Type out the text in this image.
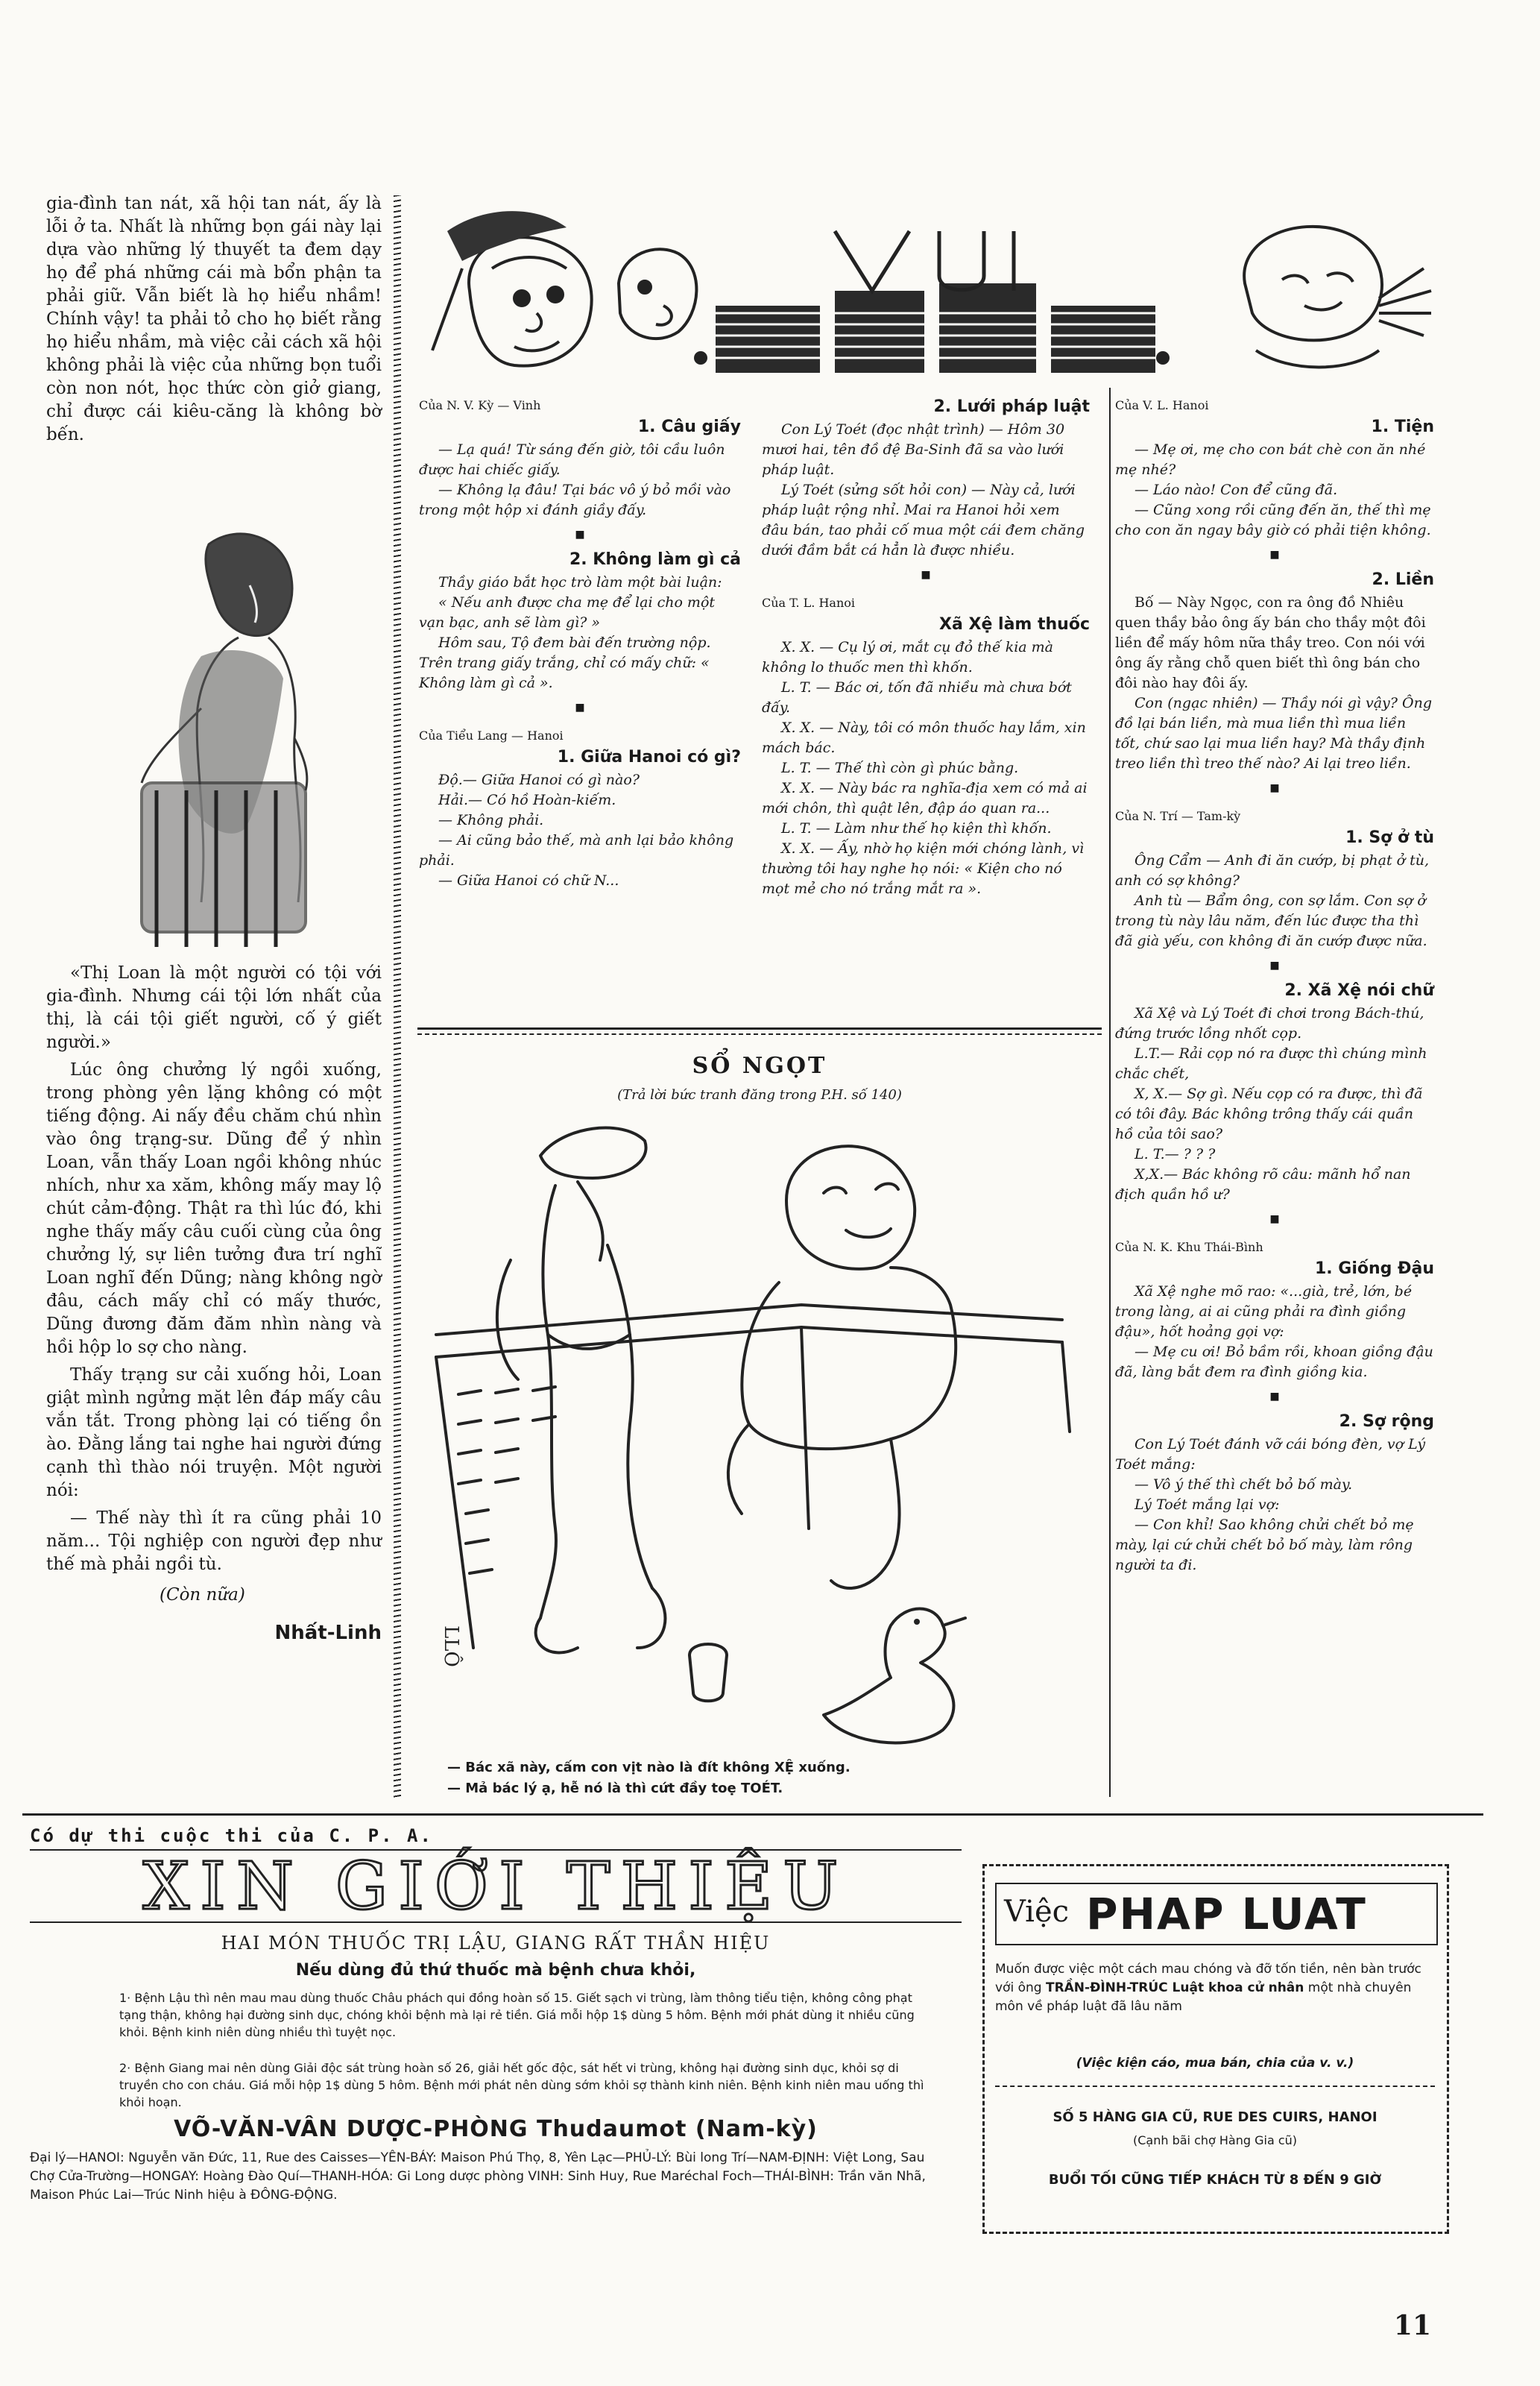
gia-đình tan nát, xã hội tan nát, ấy là lỗi ở ta. Nhất là những bọn gái này lại dựa vào những lý thuyết ta đem dạy họ để phá những cái mà bổn phận ta phải giữ. Vẫn biết là họ hiểu nhầm! Chính vậy! ta phải tỏ cho họ biết rằng họ hiểu nhầm, mà việc cải cách xã hội không phải là việc của những bọn tuổi còn non nót, học thức còn giở giang, chỉ được cái kiêu-căng là không bờ bến.

«Thị Loan là một người có tội với gia-đình. Nhưng cái tội lớn nhất của thị, là cái tội giết người, cố ý giết người.»

Lúc ông chưởng lý ngồi xuống, trong phòng yên lặng không có một tiếng động. Ai nấy đều chăm chú nhìn vào ông trạng-sư. Dũng để ý nhìn Loan, vẫn thấy Loan ngồi không nhúc nhích, như xa xăm, không mấy may lộ chút cảm-động. Thật ra thì lúc đó, khi nghe thấy mấy câu cuối cùng của ông chưởng lý, sự liên tưởng đưa trí nghĩ Loan nghĩ đến Dũng; nàng không ngờ đâu, cách mấy chỉ có mấy thước, Dũng đương đăm đăm nhìn nàng và hồi hộp lo sợ cho nàng.

Thấy trạng sư cải xuống hỏi, Loan giật mình ngửng mặt lên đáp mấy câu vắn tắt. Trong phòng lại có tiếng ồn ào. Đằng lắng tai nghe hai người đứng cạnh thì thào nói truyện. Một người nói:

— Thế này thì ít ra cũng phải 10 năm... Tội nghiệp con người đẹp như thế mà phải ngồi tù.

(Còn nữa)

Nhất-Linh

VUI CƯỜI
Của N. V. Kỳ — Vinh
1. Câu giấy
— Lạ quá! Từ sáng đến giờ, tôi cầu luôn được hai chiếc giấy.
— Không lạ đâu! Tại bác vô ý bỏ mồi vào trong một hộp xi đánh giầy đấy.
■
2. Không làm gì cả
Thầy giáo bắt học trò làm một bài luận:
« Nếu anh được cha mẹ để lại cho một vạn bạc, anh sẽ làm gì? »
Hôm sau, Tộ đem bài đến trường nộp. Trên trang giấy trắng, chỉ có mấy chữ: « Không làm gì cả ».
■
Của Tiểu Lang — Hanoi
1. Giữa Hanoi có gì?
Độ.— Giữa Hanoi có gì nào?
Hải.— Có hồ Hoàn-kiếm.
— Không phải.
— Ai cũng bảo thế, mà anh lại bảo không phải.
— Giữa Hanoi có chữ N...
2. Lưới pháp luật
Con Lý Toét (đọc nhật trình) — Hôm 30 mươi hai, tên đồ đệ Ba-Sinh đã sa vào lưới pháp luật.
Lý Toét (sửng sốt hỏi con) — Này cả, lưới pháp luật rộng nhỉ. Mai ra Hanoi hỏi xem đâu bán, tao phải cố mua một cái đem chăng dưới đầm bắt cá hẳn là được nhiều.
■
Của T. L. Hanoi
Xã Xệ làm thuốc
X. X. — Cụ lý ơi, mắt cụ đỏ thế kia mà không lo thuốc men thì khốn.
L. T. — Bác ơi, tốn đã nhiều mà chưa bớt đấy.
X. X. — Này, tôi có môn thuốc hay lắm, xin mách bác.
L. T. — Thế thì còn gì phúc bằng.
X. X. — Này bác ra nghĩa-địa xem có mả ai mới chôn, thì quật lên, đập áo quan ra...
L. T. — Làm như thế họ kiện thì khốn.
X. X. — Ấy, nhờ họ kiện mới chóng lành, vì thường tôi hay nghe họ nói: « Kiện cho nó mọt mẻ cho nó trắng mắt ra ».
SỔ NGỌT
(Trả lời bức tranh đăng trong P.H. số 140)
LLÔ
— Bác xã này, cấm con vịt nào là đít không XỆ xuống.
— Mả bác lý ạ, hễ nó là thì cứt đầy toẹ TOÉT.
Của V. L. Hanoi
1. Tiện
— Mẹ ơi, mẹ cho con bát chè con ăn nhé mẹ nhé?
— Láo nào! Con để cũng đã.
— Cũng xong rồi cũng đến ăn, thế thì mẹ cho con ăn ngay bây giờ có phải tiện không.
■
2. Liền
Bố — Này Ngọc, con ra ông đồ Nhiêu quen thầy bảo ông ấy bán cho thầy một đôi liền để mấy hôm nữa thầy treo. Con nói với ông ấy rằng chỗ quen biết thì ông bán cho đôi nào hay đôi ấy.
Con (ngạc nhiên) — Thầy nói gì vậy? Ông đồ lại bán liền, mà mua liền thì mua liền tốt, chứ sao lại mua liền hay? Mà thầy định treo liền thì treo thế nào? Ai lại treo liền.
■
Của N. Trí — Tam-kỳ
1. Sợ ở tù
Ông Cẩm — Anh đi ăn cướp, bị phạt ở tù, anh có sợ không?
Anh tù — Bẩm ông, con sợ lắm. Con sợ ở trong tù này lâu năm, đến lúc được tha thì đã già yếu, con không đi ăn cướp được nữa.
■
2. Xã Xệ nói chữ
Xã Xệ và Lý Toét đi chơi trong Bách-thú, đứng trước lồng nhốt cọp.
L.T.— Rải cọp nó ra được thì chúng mình chắc chết,
X, X.— Sợ gì. Nếu cọp có ra được, thì đã có tôi đây. Bác không trông thấy cái quần hồ của tôi sao?
L. T.— ? ? ?
X,X.— Bác không rõ câu: mãnh hổ nan địch quần hồ ư?
■
Của N. K. Khu Thái-Bình
1. Giống Đậu
Xã Xệ nghe mõ rao: «...già, trẻ, lớn, bé trong làng, ai ai cũng phải ra đình giồng đậu», hốt hoảng gọi vợ:
— Mẹ cu ơi! Bỏ bầm rồi, khoan giồng đậu đã, làng bắt đem ra đình giồng kia.
■
2. Sợ rộng
Con Lý Toét đánh vỡ cái bóng đèn, vợ Lý Toét mắng:
— Vô ý thế thì chết bỏ bố mày.
Lý Toét mắng lại vợ:
— Con khỉ! Sao không chửi chết bỏ mẹ mày, lại cứ chửi chết bỏ bố mày, làm rông người ta đi.
Có dự thi cuộc thi của C. P. A.
XIN GIỚI THIỆU
HAI MÓN THUỐC TRỊ LẬU, GIANG RẤT THẦN HIỆU
Nếu dùng đủ thứ thuốc mà bệnh chưa khỏi,
1· Bệnh Lậu thì nên mau mau dùng thuốc Châu phách qui đồng hoàn số 15. Giết sạch vi trùng, làm thông tiểu tiện, không công phạt tạng thận, không hại đường sinh dục, chóng khỏi bệnh mà lại rẻ tiền. Giá mỗi hộp 1$ dùng 5 hôm. Bệnh mới phát dùng it nhiều cũng khỏi. Bệnh kinh niên dùng nhiều thì tuyệt nọc.
2· Bệnh Giang mai nên dùng Giải độc sát trùng hoàn số 26, giải hết gốc độc, sát hết vi trùng, không hại đường sinh dục, khỏi sợ di truyền cho con cháu. Giá mỗi hộp 1$ dùng 5 hôm. Bệnh mới phát nên dùng sớm khỏi sợ thành kinh niên. Bệnh kinh niên mau uống thì khỏi hoạn.
VÕ-VĂN-VÂN DƯỢC-PHÒNG Thudaumot (Nam-kỳ)
Đại lý—HANOI: Nguyễn văn Đức, 11, Rue des Caisses—YÊN-BÁY: Maison Phú Thọ, 8, Yên Lạc—PHỦ-LÝ: Bùi long Trí—NAM-ĐỊNH: Việt Long, Sau Chợ Cửa-Trường—HONGAY: Hoàng Đào Quí—THANH-HÓA: Gi Long dược phòng VINH: Sinh Huy, Rue Maréchal Foch—THÁI-BÌNH: Trần văn Nhã, Maison Phúc Lai—Trúc Ninh hiệu à ĐÔNG-ĐỘNG.
Việc PHAP LUAT
Muốn được việc một cách mau chóng và đỡ tốn tiền, nên bàn trước với ông TRẦN-ĐÌNH-TRÚC Luật khoa cử nhân một nhà chuyên môn về pháp luật đã lâu năm
(Việc kiện cáo, mua bán, chia của v. v.)
SỐ 5 HÀNG GIA CŨ, RUE DES CUIRS, HANOI
(Cạnh bãi chợ Hàng Gia cũ)
BUỔI TỐI CŨNG TIẾP KHÁCH TỪ 8 ĐẾN 9 GIỜ
11
